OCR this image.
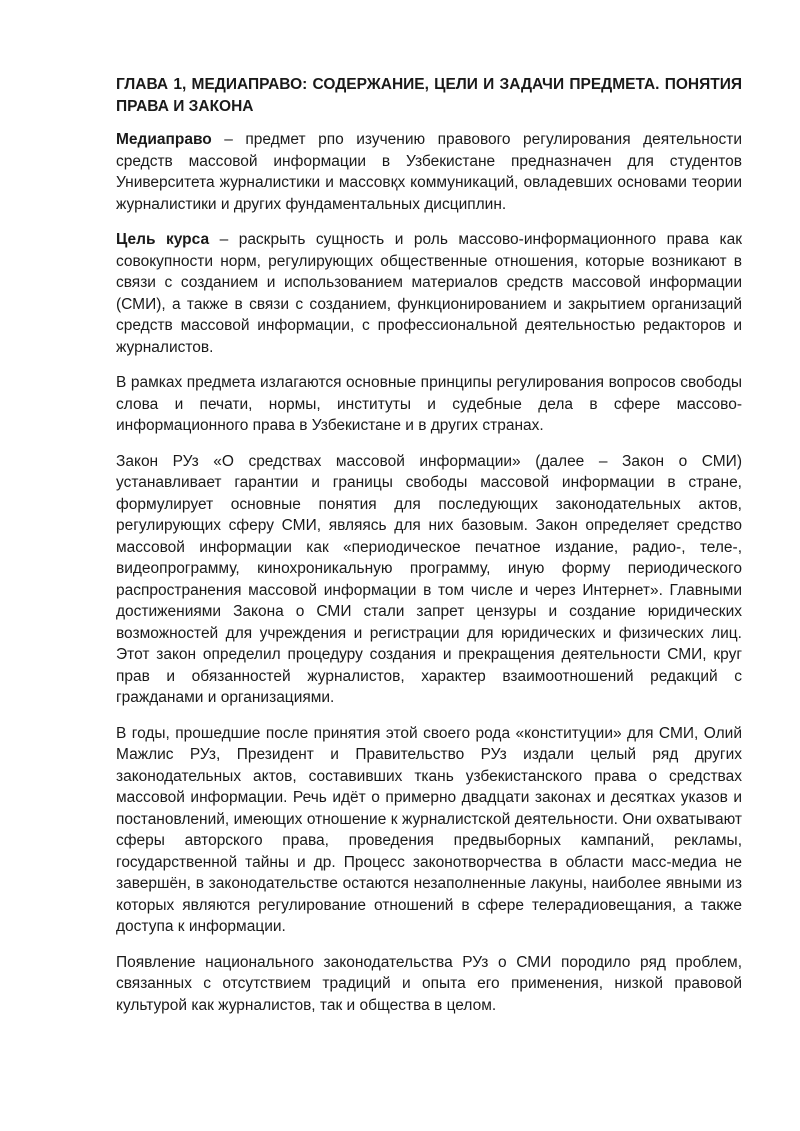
ГЛАВА 1, МЕДИАПРАВО: СОДЕРЖАНИЕ, ЦЕЛИ И ЗАДАЧИ ПРЕДМЕТА. ПОНЯТИЯ ПРАВА И ЗАКОНА

Медиаправо – предмет рпо изучению правового регулирования деятельности средств массовой информации в Узбекистане предназначен для студентов Университета журналистики и массовқх коммуникаций, овладевших основами теории журналистики и других фундаментальных дисциплин.

Цель курса – раскрыть сущность и роль массово-информационного права как совокупности норм, регулирующих общественные отношения, которые возникают в связи с созданием и использованием материалов средств массовой информации (СМИ), а также в связи с созданием, функционированием и закрытием организаций средств массовой информации, с профессиональной деятельностью редакторов и журналистов.

В рамках предмета излагаются основные принципы регулирования вопросов свободы слова и печати, нормы, институты и судебные дела в сфере массово-информационного права в Узбекистане и в других странах.

Закон РУз «О средствах массовой информации» (далее – Закон о СМИ) устанавливает гарантии и границы свободы массовой информации в стране, формулирует основные понятия для последующих законодательных актов, регулирующих сферу СМИ, являясь для них базовым. Закон определяет средство массовой информации как «периодическое печатное издание, радио-, теле-, видеопрограмму, кинохроникальную программу, иную форму периодического распространения массовой информации в том числе и через Интернет». Главными достижениями Закона о СМИ стали запрет цензуры и создание юридических возможностей для учреждения и регистрации для юридических и физических лиц. Этот закон определил процедуру создания и прекращения деятельности СМИ, круг прав и обязанностей журналистов, характер взаимоотношений редакций с гражданами и организациями.

В годы, прошедшие после принятия этой своего рода «конституции» для СМИ, Олий Мажлис РУз, Президент и Правительство РУз издали целый ряд других законодательных актов, составивших ткань узбекистанского права о средствах массовой информации. Речь идёт о примерно двадцати законах и десятках указов и постановлений, имеющих отношение к журналистской деятельности. Они охватывают сферы авторского права, проведения предвыборных кампаний, рекламы, государственной тайны и др. Процесс законотворчества в области масс-медиа не завершён, в законодательстве остаются незаполненные лакуны, наиболее явными из которых являются регулирование отношений в сфере телерадиовещания, а также доступа к информации.

Появление национального законодательства РУз о СМИ породило ряд проблем, связанных с отсутствием традиций и опыта его применения, низкой правовой культурой как журналистов, так и общества в целом.
